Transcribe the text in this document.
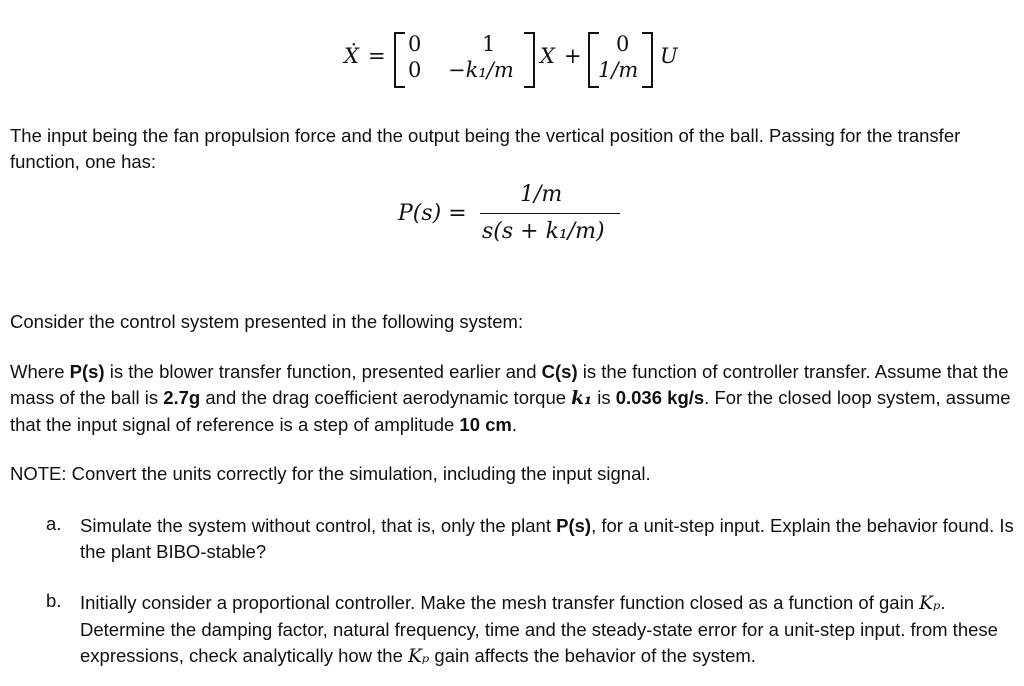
Ẋ = 0	1
0 −k₁/m
X + 0
1/m
U
The input being the fan propulsion force and the output being the vertical position of the ball. Passing for the transfer function, one has:
P(s) =
1/m
s(s + k₁/m)
Consider the control system presented in the following system:
Where P(s) is the blower transfer function, presented earlier and C(s) is the function of controller transfer. Assume that the mass of the ball is 2.7g and the drag coefficient aerodynamic torque k₁ is 0.036 kg/s. For the closed loop system, assume that the input signal of reference is a step of amplitude 10 cm.
NOTE: Convert the units correctly for the simulation, including the input signal.
a. Simulate the system without control, that is, only the plant P(s), for a unit-step input. Explain the behavior found. Is the plant BIBO-stable?
b. Initially consider a proportional controller. Make the mesh transfer function closed as a function of gain Kₚ. Determine the damping factor, natural frequency, time and the steady-state error for a unit-step input. from these expressions, check analytically how the Kₚ gain affects the behavior of the system.
